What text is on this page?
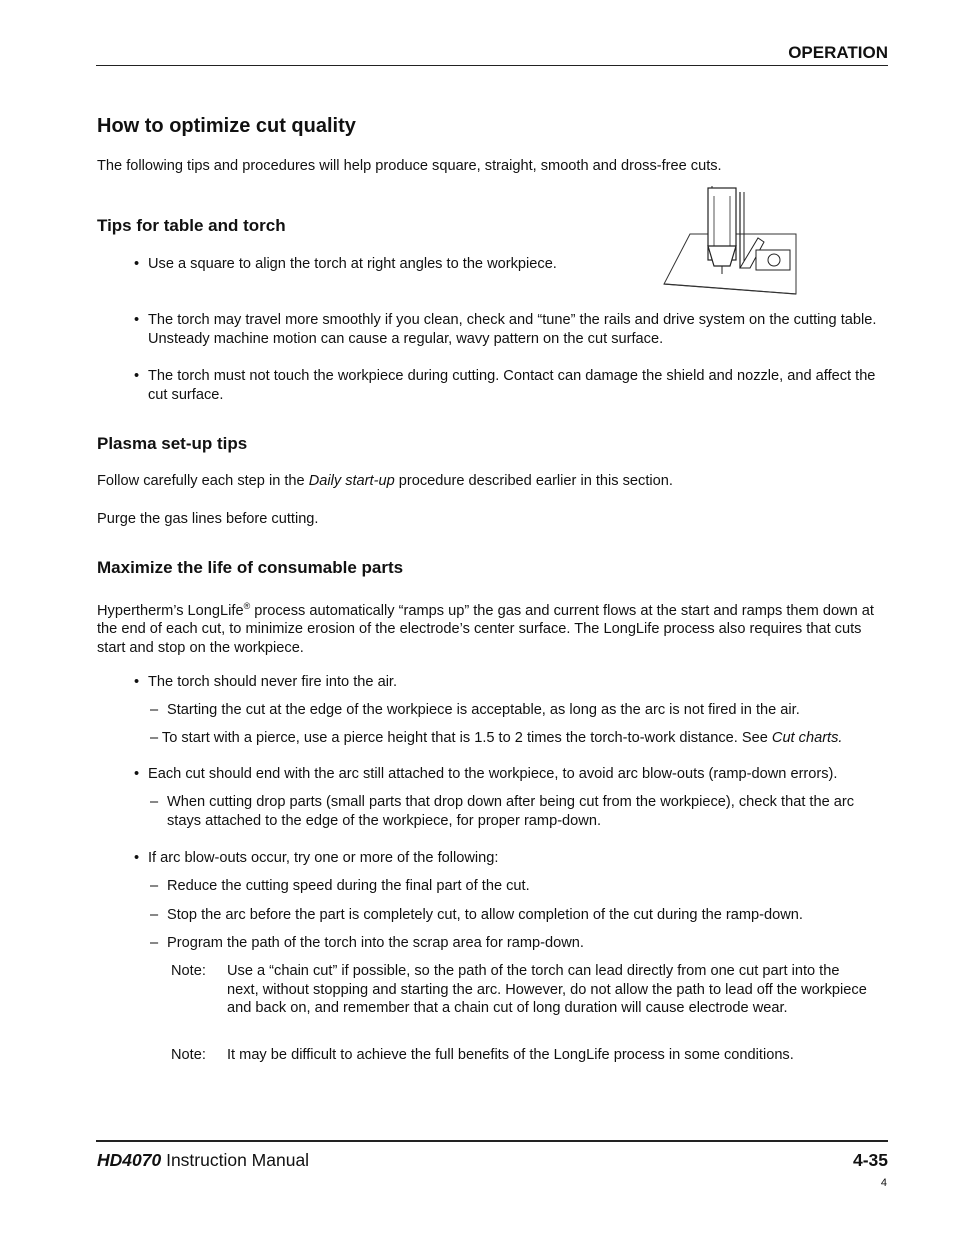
OPERATION
How to optimize cut quality

The following tips and procedures will help produce square, straight, smooth and dross-free cuts.

Tips for table and torch
• Use a square to align the torch at right angles to the workpiece.
• The torch may travel more smoothly if you clean, check and “tune” the rails and drive system on the cutting table. Unsteady machine motion can cause a regular, wavy pattern on the cut surface.
• The torch must not touch the workpiece during cutting. Contact can damage the shield and nozzle, and affect the cut surface.
Plasma set-up tips

Follow carefully each step in the Daily start-up procedure described earlier in this section.

Purge the gas lines before cutting.

Maximize the life of consumable parts

Hypertherm’s LongLife® process automatically “ramps up” the gas and current flows at the start and ramps them down at the end of each cut, to minimize erosion of the electrode’s center surface. The LongLife process also requires that cuts start and stop on the workpiece.

• The torch should never fire into the air.
– Starting the cut at the edge of the workpiece is acceptable, as long as the arc is not fired in the air.
– To start with a pierce, use a pierce height that is 1.5 to 2 times the torch-to-work distance. See Cut charts.
• Each cut should end with the arc still attached to the workpiece, to avoid arc blow-outs (ramp-down errors).
– When cutting drop parts (small parts that drop down after being cut from the workpiece), check that the arc stays attached to the edge of the workpiece, for proper ramp-down.
• If arc blow-outs occur, try one or more of the following:
– Reduce the cutting speed during the final part of the cut.
– Stop the arc before the part is completely cut, to allow completion of the cut during the ramp-down.
– Program the path of the torch into the scrap area for ramp-down.
Note: Use a “chain cut” if possible, so the path of the torch can lead directly from one cut part into the next, without stopping and starting the arc. However, do not allow the path to lead off the workpiece and back on, and remember that a chain cut of long duration will cause electrode wear.
Note: It may be difficult to achieve the full benefits of the LongLife process in some conditions.
HD4070 Instruction Manual	4-35
4
